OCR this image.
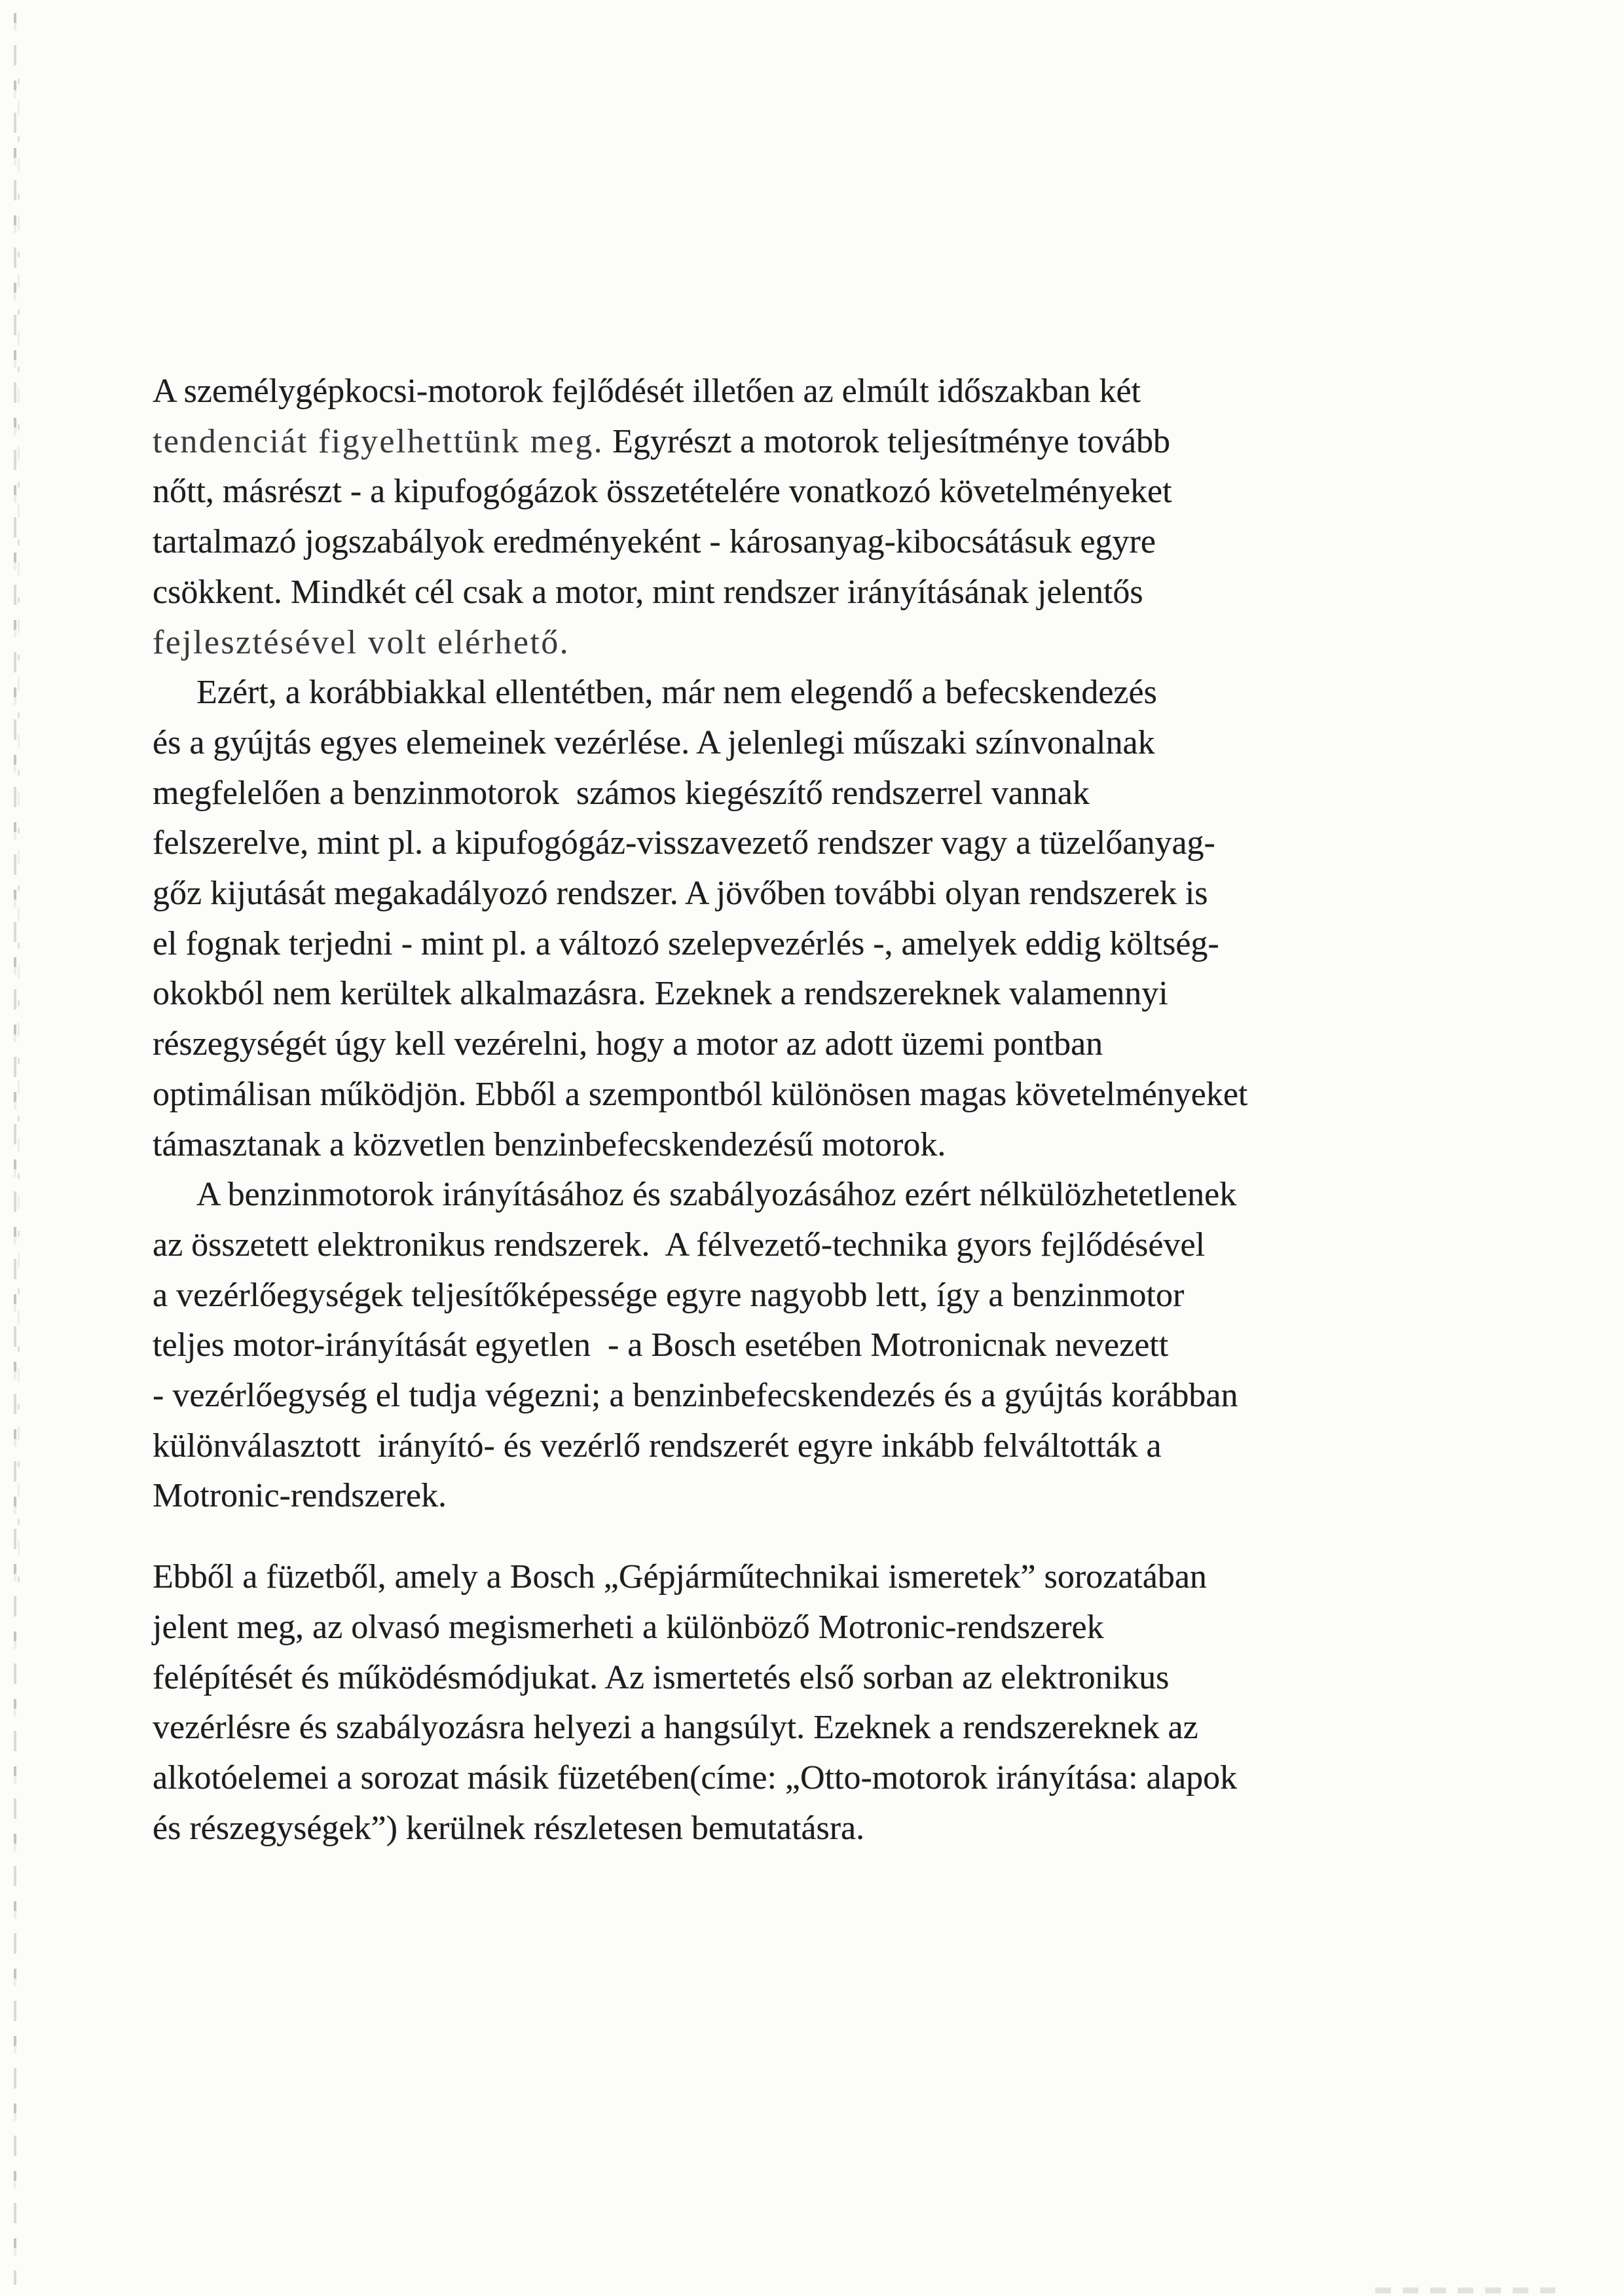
A személygépkocsi-motorok fejlődését illetően az elmúlt időszakban két
tendenciát figyelhettünk meg. Egyrészt a motorok teljesítménye tovább
nőtt, másrészt - a kipufogógázok összetételére vonatkozó követelményeket
tartalmazó jogszabályok eredményeként - károsanyag-kibocsátásuk egyre
csökkent. Mindkét cél csak a motor, mint rendszer irányításának jelentős
fejlesztésével volt elérhető.
Ezért, a korábbiakkal ellentétben, már nem elegendő a befecskendezés
és a gyújtás egyes elemeinek vezérlése. A jelenlegi műszaki színvonalnak
megfelelően a benzinmotorok  számos kiegészítő rendszerrel vannak
felszerelve, mint pl. a kipufogógáz-visszavezető rendszer vagy a tüzelőanyag-
gőz kijutását megakadályozó rendszer. A jövőben további olyan rendszerek is
el fognak terjedni - mint pl. a változó szelepvezérlés -, amelyek eddig költség-
okokból nem kerültek alkalmazásra. Ezeknek a rendszereknek valamennyi
részegységét úgy kell vezérelni, hogy a motor az adott üzemi pontban
optimálisan működjön. Ebből a szempontból különösen magas követelményeket
támasztanak a közvetlen benzinbefecskendezésű motorok.
A benzinmotorok irányításához és szabályozásához ezért nélkülözhetetlenek
az összetett elektronikus rendszerek.  A félvezető-technika gyors fejlődésével
a vezérlőegységek teljesítőképessége egyre nagyobb lett, így a benzinmotor
teljes motor-irányítását egyetlen  - a Bosch esetében Motronicnak nevezett
- vezérlőegység el tudja végezni; a benzinbefecskendezés és a gyújtás korábban
különválasztott  irányító- és vezérlő rendszerét egyre inkább felváltották a
Motronic-rendszerek.
Ebből a füzetből, amely a Bosch „Gépjárműtechnikai ismeretek” sorozatában
jelent meg, az olvasó megismerheti a különböző Motronic-rendszerek
felépítését és működésmódjukat. Az ismertetés első sorban az elektronikus
vezérlésre és szabályozásra helyezi a hangsúlyt. Ezeknek a rendszereknek az
alkotóelemei a sorozat másik füzetében(címe: „Otto-motorok irányítása: alapok
és részegységek”) kerülnek részletesen bemutatásra.
